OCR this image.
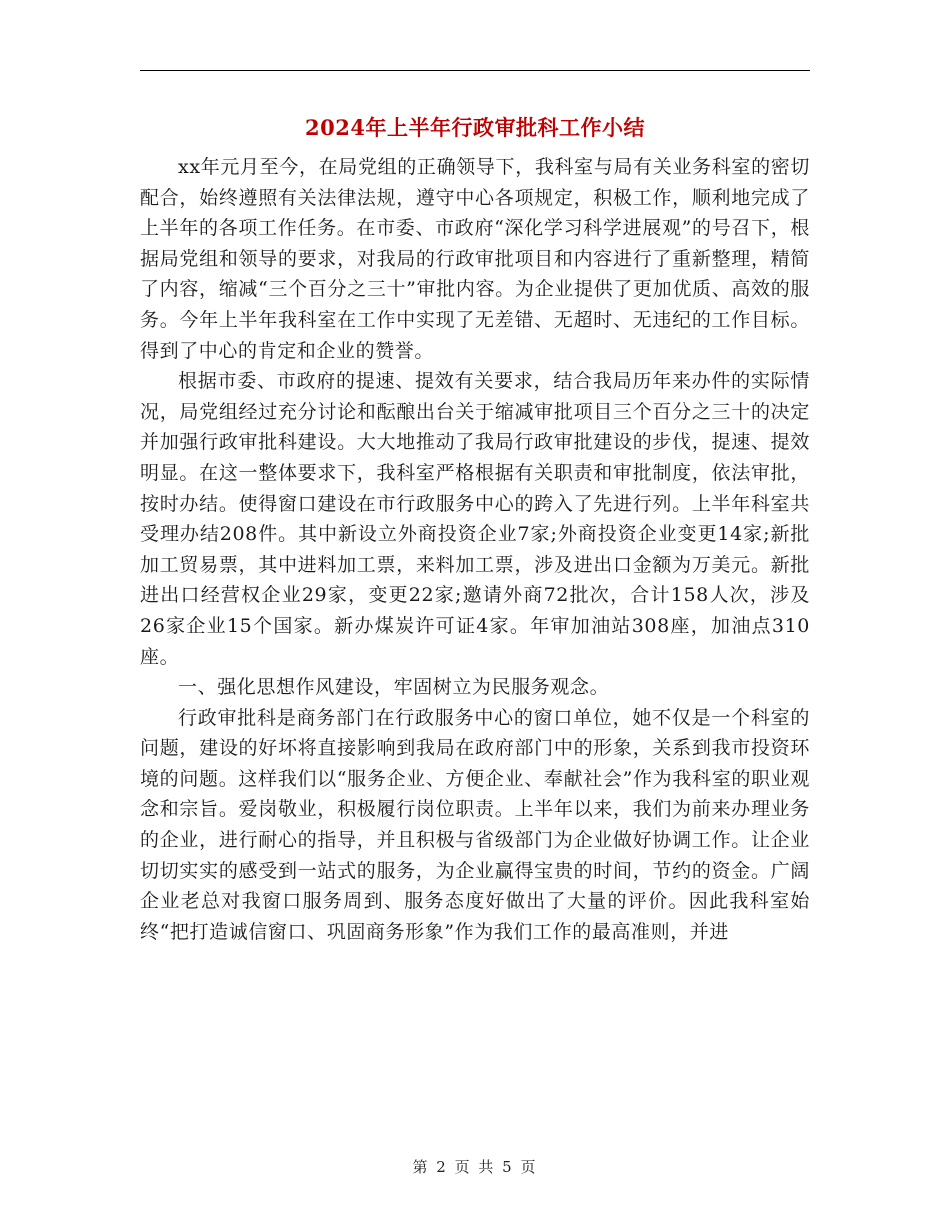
2024年上半年行政审批科工作小结

xx年元月至今，在局党组的正确领导下，我科室与局有关业务科室的密切配合，始终遵照有关法律法规，遵守中心各项规定，积极工作，顺利地完成了上半年的各项工作任务。在市委、市政府“深化学习科学进展观”的号召下，根据局党组和领导的要求，对我局的行政审批项目和内容进行了重新整理，精简了内容，缩减“三个百分之三十”审批内容。为企业提供了更加优质、高效的服务。今年上半年我科室在工作中实现了无差错、无超时、无违纪的工作目标。得到了中心的肯定和企业的赞誉。

根据市委、市政府的提速、提效有关要求，结合我局历年来办件的实际情况，局党组经过充分讨论和酝酿出台关于缩减审批项目三个百分之三十的决定并加强行政审批科建设。大大地推动了我局行政审批建设的步伐，提速、提效明显。在这一整体要求下，我科室严格根据有关职责和审批制度，依法审批，按时办结。使得窗口建设在市行政服务中心的跨入了先进行列。上半年科室共受理办结208件。其中新设立外商投资企业7家;外商投资企业变更14家;新批加工贸易票，其中进料加工票，来料加工票，涉及进出口金额为万美元。新批进出口经营权企业29家，变更22家;邀请外商72批次，合计158人次，涉及26家企业15个国家。新办煤炭许可证4家。年审加油站308座，加油点310座。

一、强化思想作风建设，牢固树立为民服务观念。

行政审批科是商务部门在行政服务中心的窗口单位，她不仅是一个科室的问题，建设的好坏将直接影响到我局在政府部门中的形象，关系到我市投资环境的问题。这样我们以“服务企业、方便企业、奉献社会”作为我科室的职业观念和宗旨。爱岗敬业，积极履行岗位职责。上半年以来，我们为前来办理业务的企业，进行耐心的指导，并且积极与省级部门为企业做好协调工作。让企业切切实实的感受到一站式的服务，为企业赢得宝贵的时间，节约的资金。广阔企业老总对我窗口服务周到、服务态度好做出了大量的评价。因此我科室始终“把打造诚信窗口、巩固商务形象”作为我们工作的最高准则，并进

第 2 页 共 5 页
